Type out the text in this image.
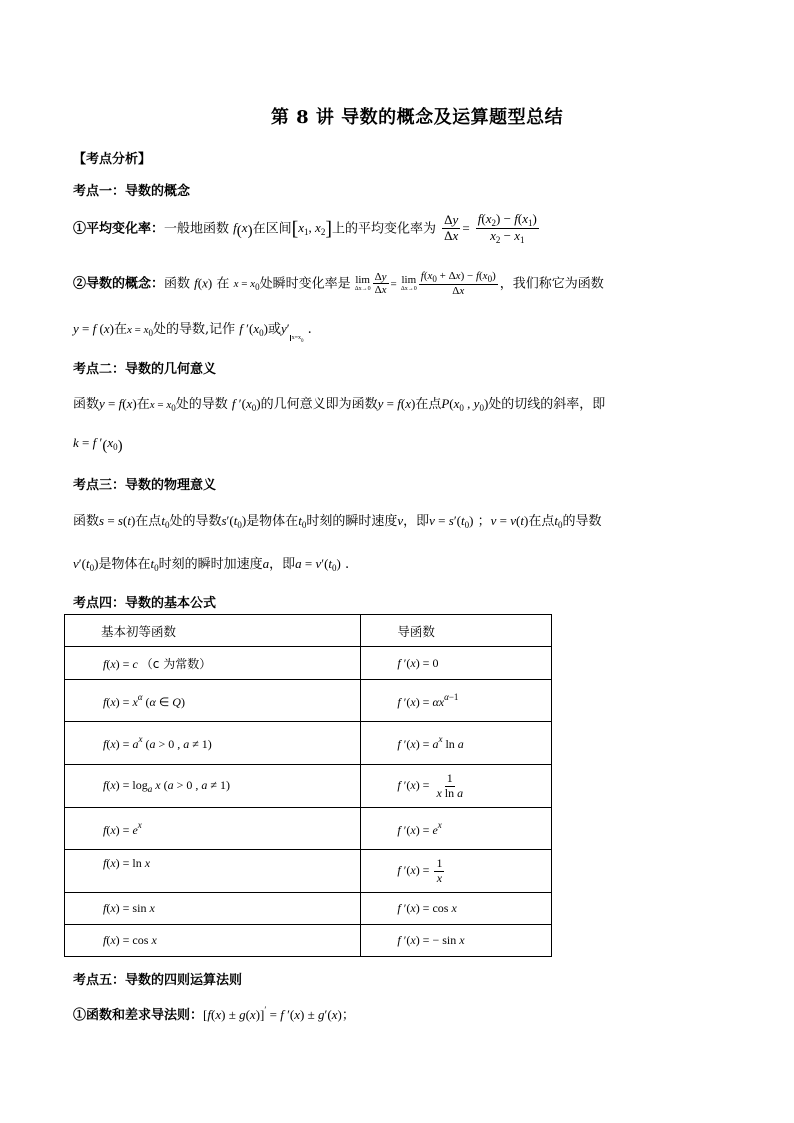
第 8 讲 导数的概念及运算题型总结
【考点分析】
考点一：导数的概念
①平均变化率：一般地函数 f(x)在区间[$x_1$, $x_2$]上的平均变化率为 $\frac{\Delta y}{\Delta x} = \frac{f(x_2) - f(x_1)}{x_2 - x_1}$
②导数的概念：函数 f(x) 在 $x = x_0$处瞬时变化率是 lim
$\Delta x\to 0 \frac{\Delta y}{\Delta x} = \lim$
$\Delta x\to 0 \frac{f(x_0 + \Delta x) - f(x_0)}{\Delta x}$ ，我们称它为函数
y = f (x)在$x = x_0$处的导数,记作 f $'(x_0)$或$y'_{x=x_0}$ .
考点二：导数的几何意义
函数y = f(x)在$x = x_0$处的导数 f $'(x_0)$的几何意义即为函数y = f(x)在点$P(x_0$ , $y_0$)处的切线的斜率，即
k = f $'(x_0)$
考点三：导数的物理意义
函数s = s(t)在点$t_0$处的导数$s'(t_0)$是物体在$t_0$时刻的瞬时速度v，即$v = s'(t_0)$ ；v = v(t)在点$t_0$的导数
$v'(t_0)$是物体在$t_0$时刻的瞬时加速度a，即$a = v'(t_0)$ .
考点四：导数的基本公式
基本初等函数	导函数
f(x) = c （c 为常数）	f ′(x) = 0
$f(x) = x^\alpha$ (α ∈ Q)	f $'(x) = \alpha x^{\alpha-1}$
$f(x) = a^x$ (a > 0 , a ≠ 1)	f $'(x) = a^x$ ln a
$f(x) = \log_a x$ (a > 0 , a ≠ 1)	f $'(x) = \frac{1}{\text{x ln a}}$

$f(x) = e^x$	f $'(x) = e^x$
f(x) = ln x	f $'(x) = \frac{1}{x}$

f(x) = sin x	f ′(x) = cos x
f(x) = cos x	f ′(x) = − sin x
考点五：导数的四则运算法则
①函数和差求导法则：[f(x) ± g(x)]′ = f ′(x) ± g′(x)；
